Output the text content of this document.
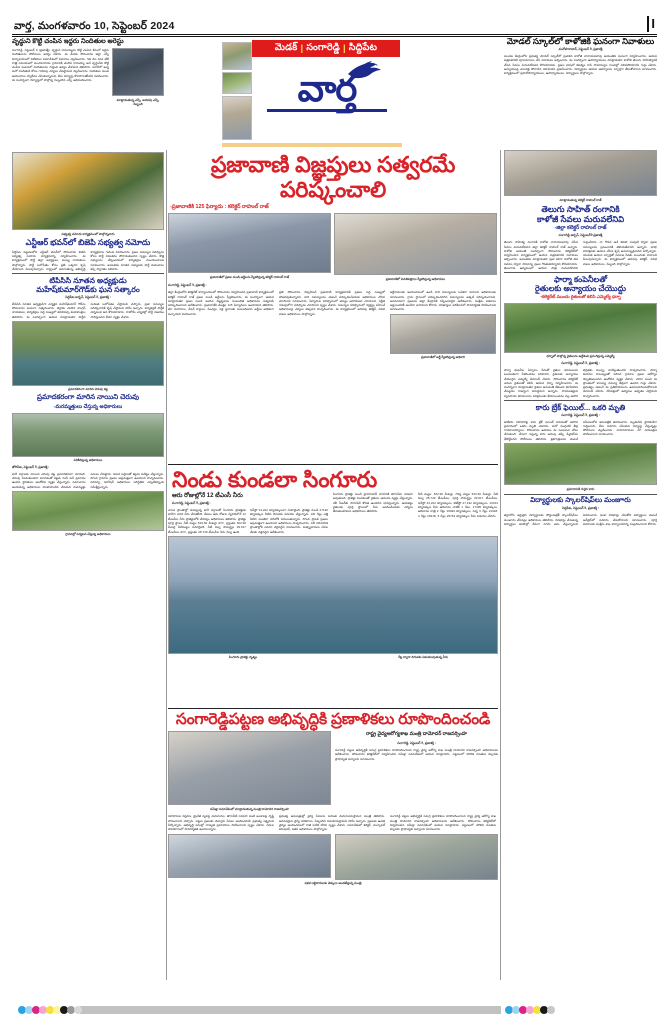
వార్త, మంగళవారం 10, సెప్టెంబర్ 2024	I
మెడక్ | సంగారెడ్డి | సిద్దిపేట
వార్త
వృద్ధుని కొట్టి చంపిన ఇద్దరు నిందితుల అరెస్టు
సంగారెడ్డి, సెప్టెంబర్ 9 (ప్రజాశక్తి): వృద్ధుని రామయ్యను కొట్టి చంపిన కేసులో ఇద్దరు నిందితులను పోలీసులు అరెస్టు చేశారు. ఈ మేరకు సోమవారం జిల్లా ఎస్పీ కార్యాలయంలో విలేకరుల సమావేశంలో వివరాలు వెల్లడించారు. గత నెల 42వ తేదీ రాత్రి సమయంలో మందలగూడెం గ్రామానికి చెందిన రామయ్య అనే వృద్ధుడిని కొట్టి చంపిన ఘటనలో నిందితులను గుర్తించి అరెస్టు చేశామని తెలిపారు. పరారీలో ఉన్న మరో నిందితుడి కోసం గాలింపు చర్యలు చేపట్టామని వెల్లడించారు. నిందితుల నుంచి ఆయుధాలు స్వాధీనం చేసుకున్నామని, కేసు దర్యాప్తు కొనసాగుతోందని వివరించారు. ఈ సందర్భంగా దర్యాప్తులో పాల్గొన్న సిబ్బందిని ఎస్పీ అభినందించారు.
మాట్లాడుతున్న ఎస్పీ, అదనపు ఎస్పీ, సిబ్బంది
మోడల్ స్కూల్‌లో కాళోజికి ఘనంగా నివాళులు
మనోహరాబాద్, సెప్టెంబర్ 9, ప్రజాశక్తి
మండల కేంద్రంలోని ప్రభుత్వ మోడల్ స్కూల్‌లో ప్రజాకవి కాళోజీ నారాయణరావు జయంతిని ఘనంగా నిర్వహించారు. ఆయన చిత్రపటానికి పూలమాలలు వేసి నివాళులు అర్పించారు. ఈ సందర్భంగా ఉపాధ్యాయులు మాట్లాడుతూ కాళోజీ తెలుగు సాహిత్యానికి చేసిన సేవలు మరువలేనివని కొనియాడారు. ప్రజల భాషలో కవిత్వం రాసి సామాన్యుల గుండెల్లో నిలిచిపోయారని గుర్తు చేశారు. అన్యాయంపై ఎలుగెత్తి పోరాడిన యోధుడని ప్రశంసించారు. విద్యార్థులు ఆయన ఆదర్శాలను స్ఫూర్తిగా తీసుకోవాలని సూచించారు. కార్యక్రమంలో ప్రధానోపాధ్యాయులు, ఉపాధ్యాయులు, విద్యార్థులు పాల్గొన్నారు.
సభ్యత్వ నమోదు కార్యక్రమంలో పాల్గొన్నవారు
ఎన్టీఆర్ భవన్‌లో బిజెపి సభ్యత్వ నమోదు
సిద్దిపేట పట్టణంలోని ఎన్టీఆర్ భవన్‌లో సోమవారం బిజెపి సభ్యత్వ నమోదు కార్యక్రమాన్ని నిర్వహించారు. ఈ కార్యక్రమంలో పార్టీ జిల్లా అధ్యక్షులు, ముఖ్య నాయకులు పాల్గొన్నారు. పార్టీ బలోపేతం కోసం ప్రతి ఒక్కరూ కృషి చేయాలని పిలుపునిచ్చారు. రాష్ట్రంలో జరుగుతున్న అభివృద్ధి కార్యక్రమాల గురించి వివరించారు. ప్రజల సమస్యల పరిష్కారం కోసం పార్టీ నిరంతరం పోరాడుతుందని స్పష్టం చేశారు. కొత్త సభ్యులను చేర్పించడంలో కార్యకర్తలు ముందుండాలని సూచించారు. అనంతరం నూతన సభ్యులకు పార్టీ కండువాలు కప్పి స్వాగతం పలికారు.
టిపిసిసి నూతన అధ్యక్షుడు
మహేష్‌కుమార్‌గౌడ్‌కు ఘన సత్కారం
సిద్దిపేట అర్బన్, సెప్టెంబర్ 9, ప్రజాశక్తి :
టిపిసిసి నూతన అధ్యక్షుడిగా ఎన్నికైన మహేష్‌కుమార్ గౌడ్‌ను సోమవారం ఘనంగా సత్కరించారు. జిల్లాకు చెందిన కాంగ్రెస్ నాయకులు, కార్యకర్తలు పెద్ద సంఖ్యలో తరలివచ్చి శుభాకాంక్షలు తెలిపారు. ఈ సందర్భంగా ఆయన మాట్లాడుతూ పార్టీని మరింత బలోపేతం చేస్తామని చెప్పారు. ప్రజా సమస్యల పరిష్కారానికి కృషి చేస్తామని హామీ ఇచ్చారు. కార్యకర్తలే పార్టీకి వెన్నెముక అని కొనియాడారు. రాబోయే ఎన్నికల్లో పార్టీ విజయం సాధిస్తుందని ధీమా వ్యక్తం చేశారు.
ప్రమాదకరంగా మారిన చెరువు కట్ట
ప్రమాదకరంగా మారిన నాయిని చెరువు
-మరమ్మత్తులు చేస్తున్న అధికారులు
పరిశీలిస్తున్న అధికారులు
జోగిపేట, సెప్టెంబర్ 9, ప్రజాశక్తి :
భారీ వర్షాలకు నాయిని చెరువు కట్ట ప్రమాదకరంగా మారింది. చెరువు నిండుకుండలా మారడంతో కట్టకు గండి పడే ప్రమాదం ఉందని స్థానికులు ఆందోళన వ్యక్తం చేస్తున్నారు. సమాచారం అందుకున్న అధికారులు హుటాహుటిన చేరుకుని మరమ్మత్తు పనులు చేపట్టారు. ఇసుక బస్తాలతో కట్టను పటిష్టం చేస్తున్నారు. దిగువ గ్రామాల ప్రజలు అప్రమత్తంగా ఉండాలని హెచ్చరించారు. రెవెన్యూ, ఇరిగేషన్ అధికారులు పరిస్థితిని ఎప్పటికప్పుడు సమీక్షిస్తున్నారు.
గ్రామాల్లో పర్యటన చేస్తున్న అధికారులు
ప్రజావాణి విజ్ఞప్తులు సత్వరమే పరిష్కంచాలి
-ప్రజావాణికి 125 ఫిర్యాదు : కలెక్టర్ రాహుల్ రాజ్
ప్రజావాణిలో ప్రజల నుండి అర్జీలను స్వీకరిస్తున్న కలెక్టర్ రాహుల్ రాజ్	ప్రజావాణిలో వినతిపత్రాలు స్వీకరిస్తున్న అధికారులు
సంగారెడ్డి, సెప్టెంబర్ 9, ప్రజాశక్తి :
జిల్లా కేంద్రంలోని కలెక్టరేట్ కార్యాలయంలో సోమవారం నిర్వహించిన ప్రజావాణి కార్యక్రమంలో కలెక్టర్ రాహుల్ రాజ్ ప్రజల నుండి అర్జీలను స్వీకరించారు. ఈ సందర్భంగా ఆయన మాట్లాడుతూ ప్రజల నుండి అందిన విజ్ఞప్తులను సంబంధిత అధికారులు సత్వరమే పరిష్కరించాలని ఆదేశించారు. ప్రజావాణికి మొత్తం 125 ఫిర్యాదులు అందాయని తెలిపారు. భూ వివాదాలు, రేషన్ కార్డులు, పింఛన్లు, ఇళ్ల స్థలాలకు సంబంధించిన అర్జీలు అధికంగా వచ్చాయని వివరించారు.
ప్రతి సోమవారం నిర్వహించే ప్రజావాణి కార్యక్రమానికి ప్రజలు పెద్ద సంఖ్యలో హాజరవుతున్నారని, వారి సమస్యలను వెంటనే పరిష్కరించేందుకు అధికారులు చొరవ చూపాలని సూచించారు. ఫిర్యాదుల పరిష్కారంలో జాప్యం జరగకుండా చూడాలని, నిర్ణీత గడువులోగా పరిష్కారం చూపాలని స్పష్టం చేశారు. సమస్యల పరిష్కారంలో నిర్లక్ష్యం వహించే అధికారులపై చర్యలు తప్పవని హెచ్చరించారు. ఈ కార్యక్రమంలో అదనపు కలెక్టర్, వివిధ శాఖల అధికారులు పాల్గొన్నారు.
అర్జీదారులకు అందుబాటులో ఉండి వారి సమస్యలను ఓపికగా వినాలని అధికారులకు సూచించారు. గ్రామ స్థాయిలో పరిష్కరించదగిన సమస్యలను అక్కడే పరిష్కరించాలని, అనవసరంగా ప్రజలను జిల్లా కేంద్రానికి రప్పించవద్దని ఆదేశించారు. సంక్షేమ పథకాలు అర్హులందరికీ అందేలా చూడాలని కోరారు. దరఖాస్తుల పరిశీలనలో పారదర్శకత పాటించాలని సూచించారు.
ప్రజావాణిలో అర్జీ స్వీకరిస్తున్న అధికారి
నిండు కుండలా సింగూరు
ఆరు రోజుల్లోనే 12 టీఎంసీ నీరు
సంగారెడ్డి, సెప్టెంబర్ 9, ప్రజాశక్తి :
ఎగువ ప్రాంతాల్లో కురుస్తున్న భారీ వర్షాలతో సింగూరు ప్రాజెక్టుకు భారీగా వరద నీరు చేరుతోంది. కేవలం ఆరు రోజుల వ్యవధిలోనే 12 టీఎంసీల నీరు ప్రాజెక్టులోకి చేరినట్లు అధికారులు తెలిపారు. ప్రాజెక్టు పూర్తి స్థాయి నీటి మట్టం 523.60 మీటర్లు కాగా, ప్రస్తుతం 522.90 మీటర్ల నీటిమట్టం నమోదైంది. నీటి నిల్వ సామర్థ్యం 29.917 టీఎంసీలు కాగా, ప్రస్తుతం 28.749 టీఎంసీల నీరు నిల్వ ఉంది.
ఇన్‌ఫ్లో 24,222 క్యూసెక్కులుగా నమోదైంది. ప్రాజెక్టు నుండి 27192 క్యూసెక్కుల నీటిని దిగువకు విడుదల చేస్తున్నారు. పది గేట్లు ఎత్తి నీటిని మంజీరా నదిలోకి వదులుతున్నారు. దిగువ ప్రాంత ప్రజలు అప్రమత్తంగా ఉండాలని అధికారులు హెచ్చరించారు. నదీ పరివాహక ప్రాంతాల్లోకి ఎవరూ వెళ్లవద్దని సూచించారు. మత్స్యకారులు చేపల వేటకు వెళ్లవద్దని ఆదేశించారు.
సింగూరు ప్రాజెక్టు నుండి హైదరాబాద్ నగరానికి తాగునీరు సరఫరా అవుతుంది. ప్రాజెక్టు నిండటంతో రైతులు ఆనందం వ్యక్తం చేస్తున్నారు. రబీ సీజన్‌కు సాగునీటి కొరత ఉండదని భావిస్తున్నారు. ఆయకట్టు రైతులకు పూర్తి స్థాయిలో నీరు అందించేందుకు చర్యలు తీసుకుంటామని అధికారులు తెలిపారు.
నీటి మట్టం: 522.90 మీటర్లు. గరిష్ఠ మట్టం 523.60 మీటర్లు. నీటి నిల్వ 28.749 టీఎంసీలు. పూర్తి సామర్థ్యం 29.917 టీఎంసీలు. ఇన్‌ఫ్లో 24,222 క్యూసెక్కులు. ఔట్‌ఫ్లో 27,192 క్యూసెక్కులు. 16313 క్యూసెక్కుల నీరు ఆదివారం నాటికి 1 గేటు, 17495 క్యూసెక్కులు, ఆదివారం రాత్రి 2 గేట్లు 19499 క్యూసెక్కులు, నిన్న 3 గేట్లు 21948, 4 గేట్లు 26318, 5 గేట్లు 29749 క్యూసెక్కుల నీరు విడుదల చేశారు.
సింగూరు ప్రాజెక్టు దృశ్యం	గేట్ల ద్వారా దిగువకు విడుదలవుతున్న నీరు
సంగారెడ్డిపట్టణ అభివృద్ధికి ప్రణాళికలు రూపొందించండి
సమీక్షా సమావేశంలో మాట్లాడుతున్న మంత్రి దామోదర రాజనర్సింహ
రాష్ట్ర వైద్యఆరోగ్యశాఖ మంత్రి దామోదర్ రాజనర్సింహ
సంగారెడ్డి, సెప్టెంబర్ 9, ప్రజాశక్తి :
సంగారెడ్డి పట్టణ అభివృద్ధికి సమగ్ర ప్రణాళికలు రూపొందించాలని రాష్ట్ర వైద్య ఆరోగ్య శాఖ మంత్రి దామోదర రాజనర్సింహ అధికారులను ఆదేశించారు. సోమవారం కలెక్టరేట్‌లో నిర్వహించిన సమీక్షా సమావేశంలో ఆయన మాట్లాడారు. పట్టణంలో మౌలిక వసతుల కల్పనకు ప్రాధాన్యత ఇవ్వాలని సూచించారు.
రహదారుల విస్తరణ, డ్రైనేజీ వ్యవస్థ మెరుగుదల, తాగునీటి సరఫరా వంటి అంశాలపై దృష్టి సారించాలని చెప్పారు. పట్టణ ప్రజలకు మెరుగైన సేవలు అందించడమే ప్రభుత్వ లక్ష్యమని పేర్కొన్నారు. అభివృద్ధి పనుల్లో నాణ్యత ప్రమాణాలు పాటించాలని స్పష్టం చేశారు. నిధుల వినియోగంలో పారదర్శకత ఉండాలన్నారు.
ప్రభుత్వ ఆసుపత్రుల్లో వైద్య సేవలను మరింత మెరుగుపరుస్తామని మంత్రి తెలిపారు. అవసరమైన వైద్య పరికరాలు, సిబ్బందిని సమకూరుస్తామని హామీ ఇచ్చారు. ప్రజలకు ఉచిత వైద్యం అందించడంలో రాజీ పడేది లేదని స్పష్టం చేశారు. సమావేశంలో కలెక్టర్, మున్సిపల్ కమిషనర్, ఇతర అధికారులు పాల్గొన్నారు.
సంగారెడ్డి పట్టణ అభివృద్ధికి సమగ్ర ప్రణాళికలు రూపొందించాలని రాష్ట్ర వైద్య ఆరోగ్య శాఖ మంత్రి దామోదర రాజనర్సింహ అధికారులను ఆదేశించారు. సోమవారం కలెక్టరేట్‌లో నిర్వహించిన సమీక్షా సమావేశంలో ఆయన మాట్లాడారు. పట్టణంలో మౌలిక వసతుల కల్పనకు ప్రాధాన్యత ఇవ్వాలని సూచించారు.
పథక లబ్ధిదారులకు చెక్కులు అందజేస్తున్న మంత్రి
మాట్లాడుతున్న కలెక్టర్ రాహుల్ రాజ్
తెలుగు సాహిత్ రంగానికి
కాళోజీ సేవలు మరువలేనివి
-జిల్లా కలెక్టర్ రాహుల్ రాజ్
సంగారెడ్డి అర్బన్, సెప్టెంబర్9 ప్రజాశక్తి
తెలుగు సాహిత్య రంగానికి కాళోజీ నారాయణరావు చేసిన సేవలు మరువలేనివని జిల్లా కలెక్టర్ రాహుల్ రాజ్ అన్నారు. కాళోజీ జయంతి సందర్భంగా సోమవారం కలెక్టరేట్‌లో నిర్వహించిన కార్యక్రమంలో ఆయన చిత్రపటానికి నివాళులు అర్పించారు. అనంతరం మాట్లాడుతూ ప్రజా కవిగా కాళోజీ తన రచనల ద్వారా సామాన్య ప్రజల గొంతుకయ్యారని కొనియాడారు. తెలంగాణ ఉద్యమంలో ఆయన పాత్ర మరువలేనిదని గుర్తుచేశారు. నా గొడవ అనే కవితా సంపుటి ద్వారా ప్రజల సమస్యలను ప్రపంచానికి తెలియజేశారని అన్నారు. భాషా పరిరక్షణకు ఆయన చేసిన కృషి అమూల్యమైనదని పేర్కొన్నారు. యువత ఆయన స్ఫూర్తితో సమాజ సేవకు ముందుకు రావాలని పిలుపునిచ్చారు. ఈ కార్యక్రమంలో అదనపు కలెక్టర్, వివిధ శాఖల అధికారులు, సిబ్బంది పాల్గొన్నారు.
ఫార్మా కంపెనీలతో
రైతులకు అన్యాయం చేయొద్దు
-కలెక్టరేట్ ముందు రైతులతో కలిసి ఎమ్మెల్యే ధర్నా
ధర్నాలో పాల్గొన్న రైతులను ఉద్దేశించి ప్రసంగిస్తున్న ఎమ్మెల్యే
సంగారెడ్డి, సెప్టెంబర్ 9, ప్రజాశక్తి :
ఫార్మా కంపెనీల ఏర్పాటు పేరుతో రైతుల భూములను బలవంతంగా సేకరించడం సరికాదని, రైతులకు అన్యాయం చేయొద్దని ఎమ్మెల్యే డిమాండ్ చేశారు. సోమవారం కలెక్టరేట్ ఎదుట రైతులతో కలిసి ఆయన ధర్నా నిర్వహించారు. ఈ సందర్భంగా మాట్లాడుతూ రైతుల అనుమతి లేకుండా భూసేకరణ చేపట్టడం రాజ్యాంగ విరుద్ధమని అన్నారు. సారవంతమైన వ్యవసాయ భూములను పరిశ్రమలకు కేటాయించడం వల్ల ఆహార భద్రతకు ముప్పు వాటిల్లుతుందని హెచ్చరించారు. ఫార్మా కంపెనీల కాలుష్యంతో పరిసర గ్రామాల ప్రజల ఆరోగ్యం దెబ్బతింటుందని ఆందోళన వ్యక్తం చేశారు. 2003 నుంచి ఈ ప్రాంతంలో కాలుష్య సమస్య తీవ్రంగా ఉందని గుర్తు చేశారు. ప్రభుత్వం వెంటనే ఈ ప్రతిపాదనలను ఉపసంహరించుకోవాలని డిమాండ్ చేశారు. లేనిపక్షంలో ఉద్యమం ఉధృతం చేస్తామని హెచ్చరించారు.
కారు బ్రేక్ ఫెయిల్... ఒకరి మృతి
సంగారెడ్డి, సెప్టెంబర్ 9, ప్రజాశక్తి :
జాతీయ రహదారిపై కారు బ్రేక్ ఫెయిల్ కావడంతో జరిగిన ప్రమాదంలో ఒకరు మృతి చెందారు. మరో ముగ్గురికి తీవ్ర గాయాలయ్యాయి. సోమవారం ఉదయం ఈ సంఘటన చోటు చేసుకుంది. వేగంగా వస్తున్న కారు అదుపు తప్పి డివైడర్‌ను ఢీకొట్టిందని పోలీసులు తెలిపారు. క్షతగాత్రులను వెంటనే సమీపంలోని ఆసుపత్రికి తరలించారు. మృతుడిని స్థానికుడిగా గుర్తించారు. కేసు నమోదు చేసుకుని దర్యాప్తు చేస్తున్నట్లు పోలీసులు వెల్లడించారు. వాహనదారులు వేగ నియంత్రణ పాటించాలని సూచించారు.
ప్రమాదానికి గురైన కారు
విద్యార్థులకు స్కాలర్‌షిప్‌లు మంజూరు
సిద్దిపేట, సెప్టెంబర్ 9, ప్రజాశక్తి :
జిల్లాలోని అర్హులైన విద్యార్థులకు పోస్టుమెట్రిక్ స్కాలర్‌షిప్‌లు మంజూరు చేసినట్లు అధికారులు తెలిపారు. దరఖాస్తు చేసుకున్న విద్యార్థుల ఖాతాల్లో నేరుగా నగదు జమ చేస్తున్నామని వివరించారు. ఇంకా దరఖాస్తు చేసుకోని విద్యార్థులు వెంటనే ఆన్‌లైన్‌లో నమోదు చేసుకోవాలని సూచించారు. పూర్తి వివరాలకు సంక్షేమ శాఖ కార్యాలయాన్ని సంప్రదించాలని కోరారు.
